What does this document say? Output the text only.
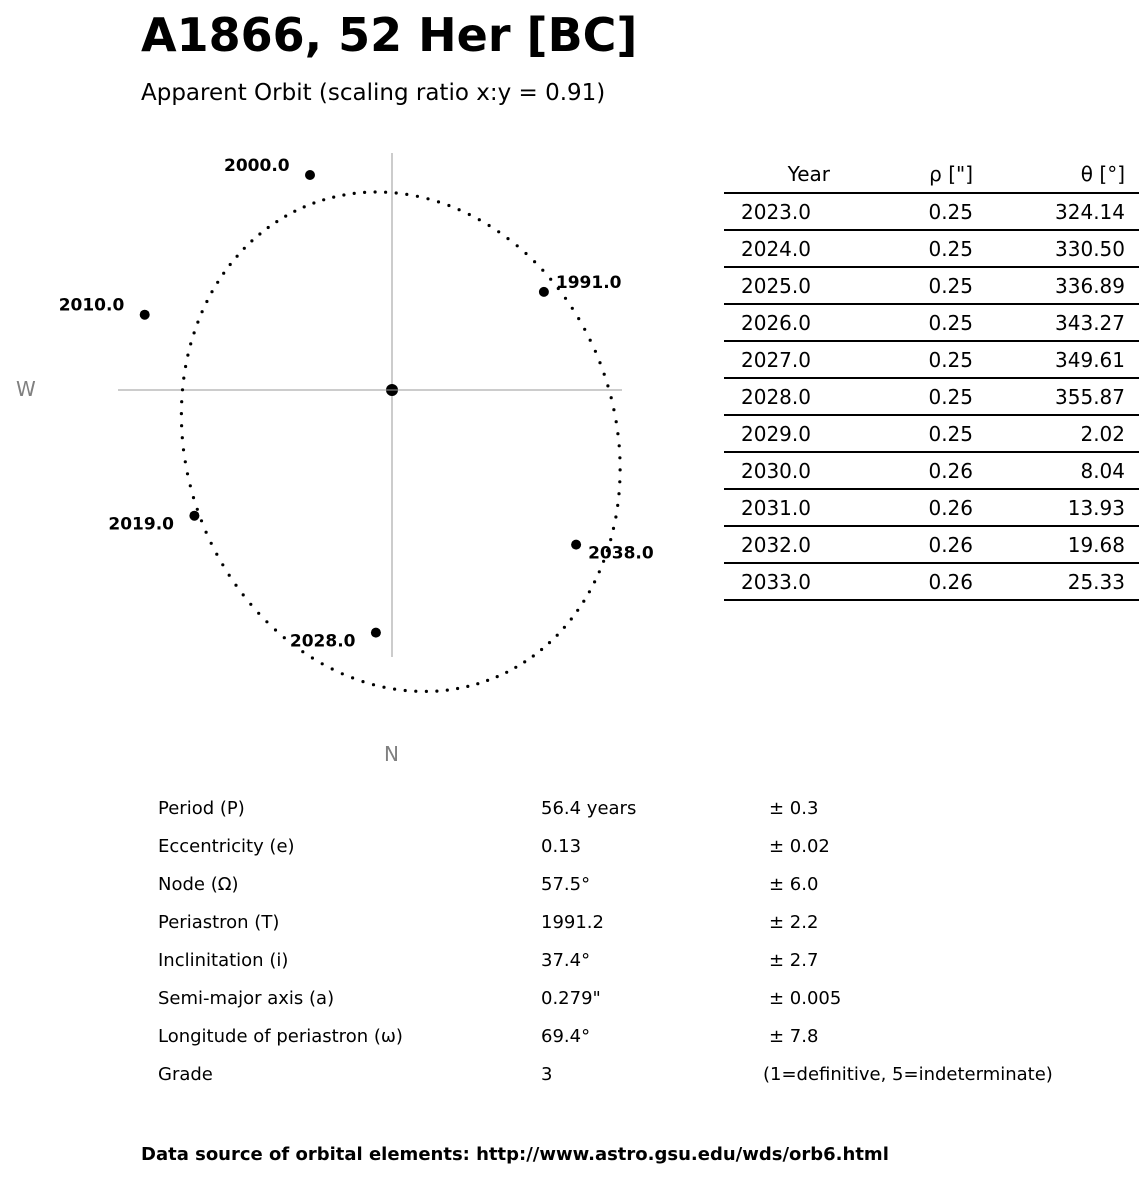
A1866, 52 Her [BC]
Apparent Orbit (scaling ratio x:y = 0.91)
2000.0
1991.0
2010.0
2019.0
2038.0
2028.0
W
N
Year	ρ ["]	θ [°]
2023.0	0.25	324.14
2024.0	0.25	330.50
2025.0	0.25	336.89
2026.0	0.25	343.27
2027.0	0.25	349.61
2028.0	0.25	355.87
2029.0	0.25	2.02
2030.0	0.26	8.04
2031.0	0.26	13.93
2032.0	0.26	19.68
2033.0	0.26	25.33
Period (P)	56.4 years	± 0.3
Eccentricity (e)	0.13	± 0.02
Node (Ω)	57.5°	± 6.0
Periastron (T)	1991.2	± 2.2
Inclinitation (i)	37.4°	± 2.7
Semi-major axis (a)	0.279"	± 0.005
Longitude of periastron (ω)	69.4°	± 7.8
Grade	3	(1=definitive, 5=indeterminate)
Data source of orbital elements: http://www.astro.gsu.edu/wds/orb6.html
